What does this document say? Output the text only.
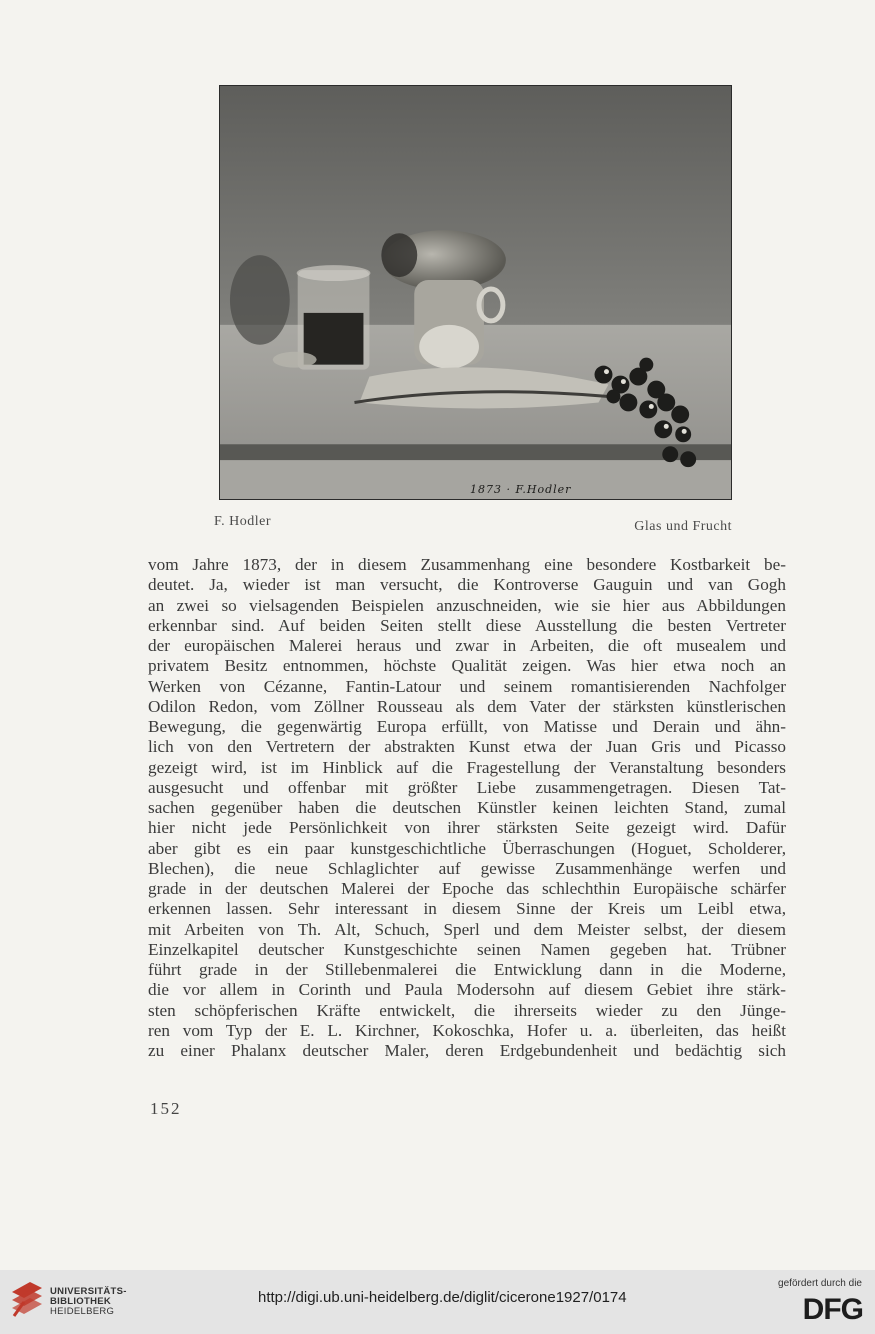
1873 · F.Hodler
F. Hodler	Glas und Frucht
vom Jahre 1873, der in diesem Zusammenhang eine besondere Kostbarkeit be-
deutet. Ja, wieder ist man versucht, die Kontroverse Gauguin und van Gogh
an zwei so vielsagenden Beispielen anzuschneiden, wie sie hier aus Abbildungen
erkennbar sind. Auf beiden Seiten stellt diese Ausstellung die besten Vertreter
der europäischen Malerei heraus und zwar in Arbeiten, die oft musealem und
privatem Besitz entnommen, höchste Qualität zeigen. Was hier etwa noch an
Werken von Cézanne, Fantin-Latour und seinem romantisierenden Nachfolger
Odilon Redon, vom Zöllner Rousseau als dem Vater der stärksten künstlerischen
Bewegung, die gegenwärtig Europa erfüllt, von Matisse und Derain und ähn-
lich von den Vertretern der abstrakten Kunst etwa der Juan Gris und Picasso
gezeigt wird, ist im Hinblick auf die Fragestellung der Veranstaltung besonders
ausgesucht und offenbar mit größter Liebe zusammengetragen. Diesen Tat-
sachen gegenüber haben die deutschen Künstler keinen leichten Stand, zumal
hier nicht jede Persönlichkeit von ihrer stärksten Seite gezeigt wird. Dafür
aber gibt es ein paar kunstgeschichtliche Überraschungen (Hoguet, Scholderer,
Blechen), die neue Schlaglichter auf gewisse Zusammenhänge werfen und
grade in der deutschen Malerei der Epoche das schlechthin Europäische schärfer
erkennen lassen. Sehr interessant in diesem Sinne der Kreis um Leibl etwa,
mit Arbeiten von Th. Alt, Schuch, Sperl und dem Meister selbst, der diesem
Einzelkapitel deutscher Kunstgeschichte seinen Namen gegeben hat. Trübner
führt grade in der Stillebenmalerei die Entwicklung dann in die Moderne,
die vor allem in Corinth und Paula Modersohn auf diesem Gebiet ihre stärk-
sten schöpferischen Kräfte entwickelt, die ihrerseits wieder zu den Jünge-
ren vom Typ der E. L. Kirchner, Kokoschka, Hofer u. a. überleiten, das heißt
zu einer Phalanx deutscher Maler, deren Erdgebundenheit und bedächtig sich
152
UNIVERSITÄTS-
BIBLIOTHEK
HEIDELBERG
http://digi.ub.uni-heidelberg.de/diglit/cicerone1927/0174
gefördert durch die
DFG
